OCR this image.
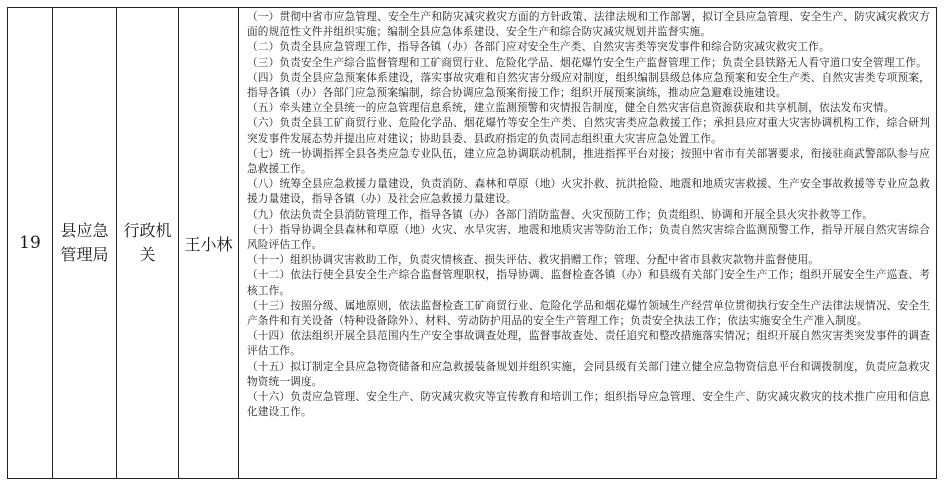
19
县应急管理局
行政机关
王小林
（一）贯彻中省市应急管理、安全生产和防灾减灾救灾方面的方针政策、法律法规和工作部署，拟订全县应急管理、安全生产、防灾减灾救灾方面的规范性文件并组织实施；编制全县应急体系建设、安全生产和综合防灾减灾规划并监督实施。
（二）负责全县应急管理工作，指导各镇（办）各部门应对安全生产类、自然灾害类等突发事件和综合防灾减灾救灾工作。
（三）负责安全生产综合监督管理和工矿商贸行业、危险化学品、烟花爆竹安全生产监督管理工作；负责全县铁路无人看守道口安全管理工作。
（四）负责全县应急预案体系建设，落实事故灾难和自然灾害分级应对制度，组织编制县级总体应急预案和安全生产类、自然灾害类专项预案，指导各镇（办）各部门应急预案编制，综合协调应急预案衔接工作；组织开展预案演练，推动应急避难设施建设。
（五）牵头建立全县统一的应急管理信息系统，建立监测预警和灾情报告制度，健全自然灾害信息资源获取和共享机制，依法发布灾情。
（六）负责全县工矿商贸行业、危险化学品、烟花爆竹等安全生产类、自然灾害类应急救援工作；承担县应对重大灾害协调机构工作，综合研判突发事件发展态势并提出应对建议；协助县委、县政府指定的负责同志组织重大灾害应急处置工作。
（七）统一协调指挥全县各类应急专业队伍，建立应急协调联动机制，推进指挥平台对接；按照中省市有关部署要求，衔接驻商武警部队参与应急救援工作。
（八）统筹全县应急救援力量建设，负责消防、森林和草原（地）火灾扑救、抗洪抢险、地震和地质灾害救援、生产安全事故救援等专业应急救援力量建设，指导各镇（办）及社会应急救援力量建设。
（九）依法负责全县消防管理工作，指导各镇（办）各部门消防监督、火灾预防工作；负责组织、协调和开展全县火灾扑救等工作。
（十）指导协调全县森林和草原（地）火灾、水旱灾害、地震和地质灾害等防治工作；负责自然灾害综合监测预警工作，指导开展自然灾害综合风险评估工作。
（十一）组织协调灾害救助工作，负责灾情核查、损失评估、救灾捐赠工作；管理、分配中省市县救灾款物并监督使用。
（十二）依法行使全县安全生产综合监督管理职权，指导协调、监督检查各镇（办）和县级有关部门安全生产工作；组织开展安全生产巡查、考核工作。
（十三）按照分级、属地原则，依法监督检查工矿商贸行业、危险化学品和烟花爆竹领域生产经营单位贯彻执行安全生产法律法规情况、安全生产条件和有关设备（特种设备除外）、材料、劳动防护用品的安全生产管理工作；负责安全执法工作；依法实施安全生产准入制度。
（十四）依法组织开展全县范围内生产安全事故调查处理，监督事故查处、责任追究和整改措施落实情况；组织开展自然灾害类突发事件的调查评估工作。
（十五）拟订制定全县应急物资储备和应急救援装备规划并组织实施，会同县级有关部门建立健全应急物资信息平台和调拨制度，负责应急救灾物资统一调度。
（十六）负责应急管理、安全生产、防灾减灾救灾等宣传教育和培训工作；组织指导应急管理、安全生产、防灾减灾救灾的技术推广应用和信息化建设工作。
